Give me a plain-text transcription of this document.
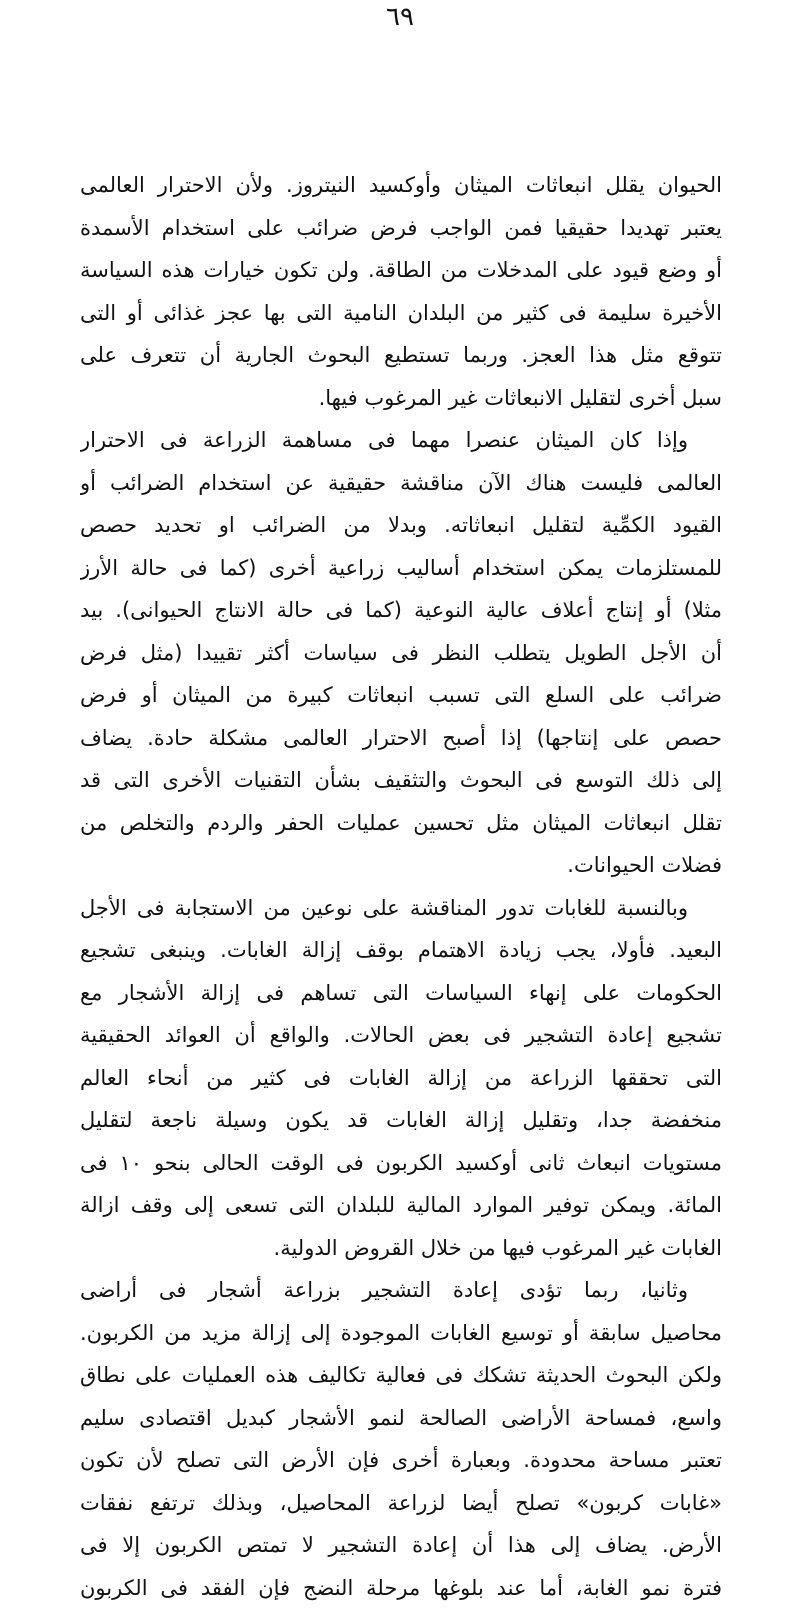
٦٩
الحيوان يقلل انبعاثات الميثان وأوكسيد النيتروز. ولأن الاحترار العالمى
يعتبر تهديدا حقيقيا فمن الواجب فرض ضرائب على استخدام الأسمدة
أو وضع قيود على المدخلات من الطاقة. ولن تكون خيارات هذه السياسة
الأخيرة سليمة فى كثير من البلدان النامية التى بها عجز غذائى أو التى
تتوقع مثل هذا العجز. وربما تستطيع البحوث الجارية أن تتعرف على
سبل أخرى لتقليل الانبعاثات غير المرغوب فيها.
وإذا كان الميثان عنصرا مهما فى مساهمة الزراعة فى الاحترار
العالمى فليست هناك الآن مناقشة حقيقية عن استخدام الضرائب أو
القيود الكمِّية لتقليل انبعاثاته. وبدلا من الضرائب او تحديد حصص
للمستلزمات يمكن استخدام أساليب زراعية أخرى (كما فى حالة الأرز
مثلا) أو إنتاج أعلاف عالية النوعية (كما فى حالة الانتاج الحيوانى). بيد
أن الأجل الطويل يتطلب النظر فى سياسات أكثر تقييدا (مثل فرض
ضرائب على السلع التى تسبب انبعاثات كبيرة من الميثان أو فرض
حصص على إنتاجها) إذا أصبح الاحترار العالمى مشكلة حادة. يضاف
إلى ذلك التوسع فى البحوث والتثقيف بشأن التقنيات الأخرى التى قد
تقلل انبعاثات الميثان مثل تحسين عمليات الحفر والردم والتخلص من
فضلات الحيوانات.
وبالنسبة للغابات تدور المناقشة على نوعين من الاستجابة فى الأجل
البعيد. فأولا، يجب زيادة الاهتمام بوقف إزالة الغابات. وينبغى تشجيع
الحكومات على إنهاء السياسات التى تساهم فى إزالة الأشجار مع
تشجيع إعادة التشجير فى بعض الحالات. والواقع أن العوائد الحقيقية
التى تحققها الزراعة من إزالة الغابات فى كثير من أنحاء العالم
منخفضة جدا، وتقليل إزالة الغابات قد يكون وسيلة ناجعة لتقليل
مستويات انبعاث ثانى أوكسيد الكربون فى الوقت الحالى بنحو ١٠ فى
المائة. ويمكن توفير الموارد المالية للبلدان التى تسعى إلى وقف ازالة
الغابات غير المرغوب فيها من خلال القروض الدولية.
وثانيا، ربما تؤدى إعادة التشجير بزراعة أشجار فى أراضى
محاصيل سابقة أو توسيع الغابات الموجودة إلى إزالة مزيد من الكربون.
ولكن البحوث الحديثة تشكك فى فعالية تكاليف هذه العمليات على نطاق
واسع، فمساحة الأراضى الصالحة لنمو الأشجار كبديل اقتصادى سليم
تعتبر مساحة محدودة. وبعبارة أخرى فإن الأرض التى تصلح لأن تكون
«غابات كربون» تصلح أيضا لزراعة المحاصيل، وبذلك ترتفع نفقات
الأرض. يضاف إلى هذا أن إعادة التشجير لا تمتص الكربون إلا فى
فترة نمو الغابة، أما عند بلوغها مرحلة النضج فإن الفقد فى الكربون
